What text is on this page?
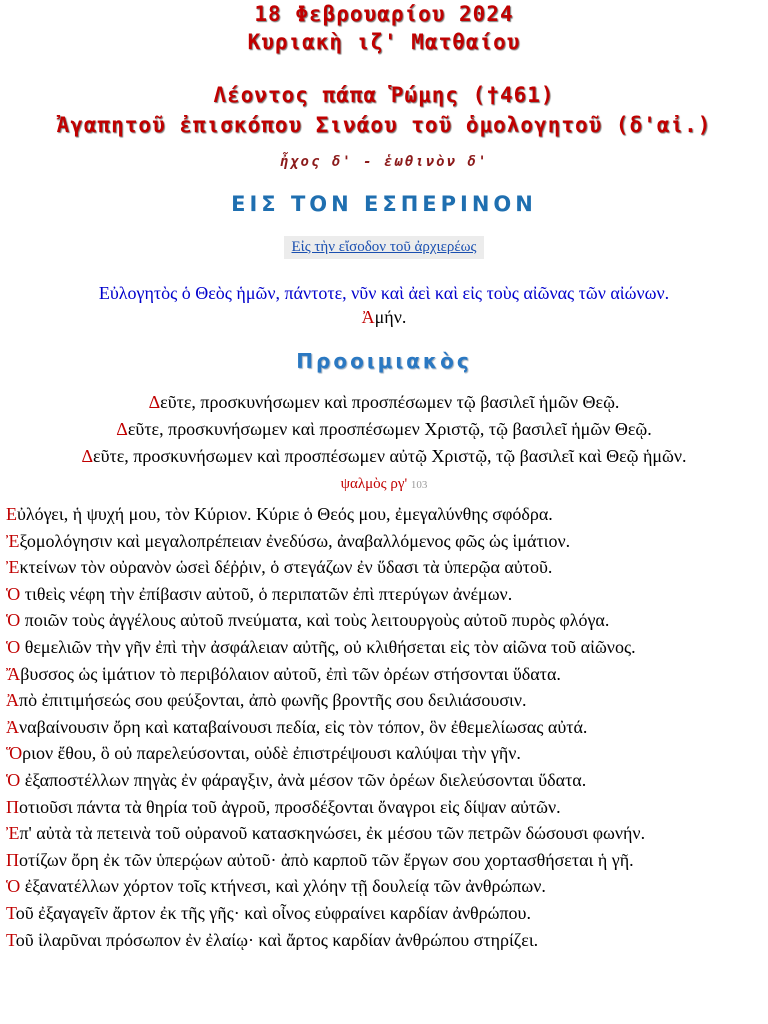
18 Φεβρουαρίου 2024
Κυριακὴ ιζ' Ματθαίου
Λέοντος πάπα Ῥώμης (†461)
Ἀγαπητοῦ ἐπισκόπου Σινάου τοῦ ὁμολογητοῦ (δ'αἰ.)
ἦχος δ' - ἑωθινὸν δ'
ΕΙΣ ΤΟΝ ΕΣΠΕΡΙΝΟΝ
Εἰς τὴν εἴσοδον τοῦ ἀρχιερέως
Εὐλογητὸς ὁ Θεὸς ἡμῶν, πάντοτε, νῦν καὶ ἀεὶ καὶ εἰς τοὺς αἰῶνας τῶν αἰώνων.
Ἀμήν.
Προοιμιακὸς
Δεῦτε, προσκυνήσωμεν καὶ προσπέσωμεν τῷ βασιλεῖ ἡμῶν Θεῷ.
Δεῦτε, προσκυνήσωμεν καὶ προσπέσωμεν Χριστῷ, τῷ βασιλεῖ ἡμῶν Θεῷ.
Δεῦτε, προσκυνήσωμεν καὶ προσπέσωμεν αὐτῷ Χριστῷ, τῷ βασιλεῖ καὶ Θεῷ ἡμῶν.
ψαλμὸς ργ' 103
Εὐλόγει, ἡ ψυχή μου, τὸν Κύριον. Κύριε ὁ Θεός μου, ἐμεγαλύνθης σφόδρα.
Ἐξομολόγησιν καὶ μεγαλοπρέπειαν ἐνεδύσω, ἀναβαλλόμενος φῶς ὡς ἱμάτιον.
Ἐκτείνων τὸν οὐρανὸν ὡσεὶ δέῤῥιν, ὁ στεγάζων ἐν ὕδασι τὰ ὑπερῷα αὐτοῦ.
Ὁ τιθεὶς νέφη τὴν ἐπίβασιν αὐτοῦ, ὁ περιπατῶν ἐπὶ πτερύγων ἀνέμων.
Ὁ ποιῶν τοὺς ἀγγέλους αὐτοῦ πνεύματα, καὶ τοὺς λειτουργοὺς αὐτοῦ πυρὸς φλόγα.
Ὁ θεμελιῶν τὴν γῆν ἐπὶ τὴν ἀσφάλειαν αὐτῆς, οὐ κλιθήσεται εἰς τὸν αἰῶνα τοῦ αἰῶνος.
Ἄβυσσος ὡς ἱμάτιον τὸ περιβόλαιον αὐτοῦ, ἐπὶ τῶν ὀρέων στήσονται ὕδατα.
Ἀπὸ ἐπιτιμήσεώς σου φεύξονται, ἀπὸ φωνῆς βροντῆς σου δειλιάσουσιν.
Ἀναβαίνουσιν ὄρη καὶ καταβαίνουσι πεδία, εἰς τὸν τόπον, ὃν ἐθεμελίωσας αὐτά.
Ὅριον ἔθου, ὃ οὐ παρελεύσονται, οὐδὲ ἐπιστρέψουσι καλύψαι τὴν γῆν.
Ὁ ἐξαποστέλλων πηγὰς ἐν φάραγξιν, ἀνὰ μέσον τῶν ὀρέων διελεύσονται ὕδατα.
Ποτιοῦσι πάντα τὰ θηρία τοῦ ἀγροῦ, προσδέξονται ὄναγροι εἰς δίψαν αὐτῶν.
Ἐπ' αὐτὰ τὰ πετεινὰ τοῦ οὐρανοῦ κατασκηνώσει, ἐκ μέσου τῶν πετρῶν δώσουσι φωνήν.
Ποτίζων ὄρη ἐκ τῶν ὑπερῴων αὐτοῦ· ἀπὸ καρποῦ τῶν ἔργων σου χορτασθήσεται ἡ γῆ.
Ὁ ἐξανατέλλων χόρτον τοῖς κτήνεσι, καὶ χλόην τῇ δουλείᾳ τῶν ἀνθρώπων.
Τοῦ ἐξαγαγεῖν ἄρτον ἐκ τῆς γῆς· καὶ οἶνος εὐφραίνει καρδίαν ἀνθρώπου.
Τοῦ ἱλαρῦναι πρόσωπον ἐν ἐλαίῳ· καὶ ἄρτος καρδίαν ἀνθρώπου στηρίζει.
